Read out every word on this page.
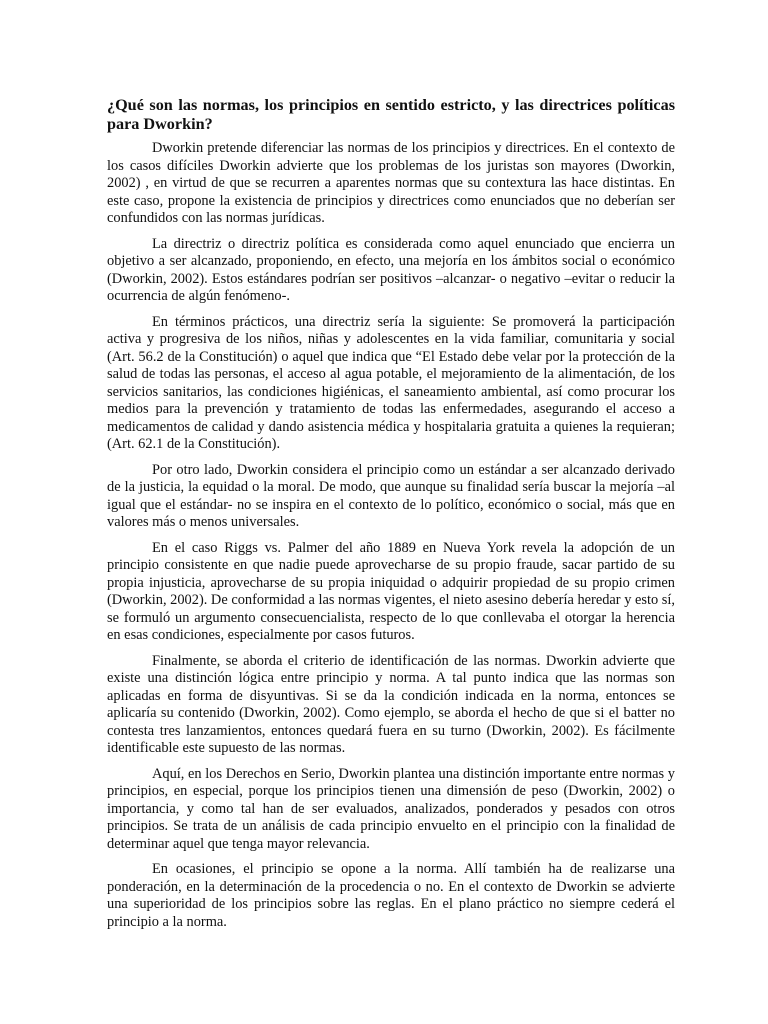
¿Qué son las normas, los principios en sentido estricto, y las directrices políticas para Dworkin?

Dworkin pretende diferenciar las normas de los principios y directrices. En el contexto de los casos difíciles Dworkin advierte que los problemas de los juristas son mayores (Dworkin, 2002) , en virtud de que se recurren a aparentes normas que su contextura las hace distintas. En este caso, propone la existencia de principios y directrices como enunciados que no deberían ser confundidos con las normas jurídicas.

La directriz o directriz política es considerada como aquel enunciado que encierra un objetivo a ser alcanzado, proponiendo, en efecto, una mejoría en los ámbitos social o económico (Dworkin, 2002). Estos estándares podrían ser positivos –alcanzar- o negativo –evitar o reducir la ocurrencia de algún fenómeno-.

En términos prácticos, una directriz sería la siguiente: Se promoverá la participación activa y progresiva de los niños, niñas y adolescentes en la vida familiar, comunitaria y social (Art. 56.2 de la Constitución) o aquel que indica que “El Estado debe velar por la protección de la salud de todas las personas, el acceso al agua potable, el mejoramiento de la alimentación, de los servicios sanitarios, las condiciones higiénicas, el saneamiento ambiental, así como procurar los medios para la prevención y tratamiento de todas las enfermedades, asegurando el acceso a medicamentos de calidad y dando asistencia médica y hospitalaria gratuita a quienes la requieran; (Art. 62.1 de la Constitución).

Por otro lado, Dworkin considera el principio como un estándar a ser alcanzado derivado de la justicia, la equidad o la moral. De modo, que aunque su finalidad sería buscar la mejoría –al igual que el estándar- no se inspira en el contexto de lo político, económico o social, más que en valores más o menos universales.

En el caso Riggs vs. Palmer del año 1889 en Nueva York revela la adopción de un principio consistente en que nadie puede aprovecharse de su propio fraude, sacar partido de su propia injusticia, aprovecharse de su propia iniquidad o adquirir propiedad de su propio crimen (Dworkin, 2002). De conformidad a las normas vigentes, el nieto asesino debería heredar y esto sí, se formuló un argumento consecuencialista, respecto de lo que conllevaba el otorgar la herencia en esas condiciones, especialmente por casos futuros.

Finalmente, se aborda el criterio de identificación de las normas. Dworkin advierte que existe una distinción lógica entre principio y norma. A tal punto indica que las normas son aplicadas en forma de disyuntivas. Si se da la condición indicada en la norma, entonces se aplicaría su contenido (Dworkin, 2002). Como ejemplo, se aborda el hecho de que si el batter no contesta tres lanzamientos, entonces quedará fuera en su turno (Dworkin, 2002). Es fácilmente identificable este supuesto de las normas.

Aquí, en los Derechos en Serio, Dworkin plantea una distinción importante entre normas y principios, en especial, porque los principios tienen una dimensión de peso (Dworkin, 2002) o importancia, y como tal han de ser evaluados, analizados, ponderados y pesados con otros principios. Se trata de un análisis de cada principio envuelto en el principio con la finalidad de determinar aquel que tenga mayor relevancia.

En ocasiones, el principio se opone a la norma. Allí también ha de realizarse una ponderación, en la determinación de la procedencia o no. En el contexto de Dworkin se advierte una superioridad de los principios sobre las reglas. En el plano práctico no siempre cederá el principio a la norma.
